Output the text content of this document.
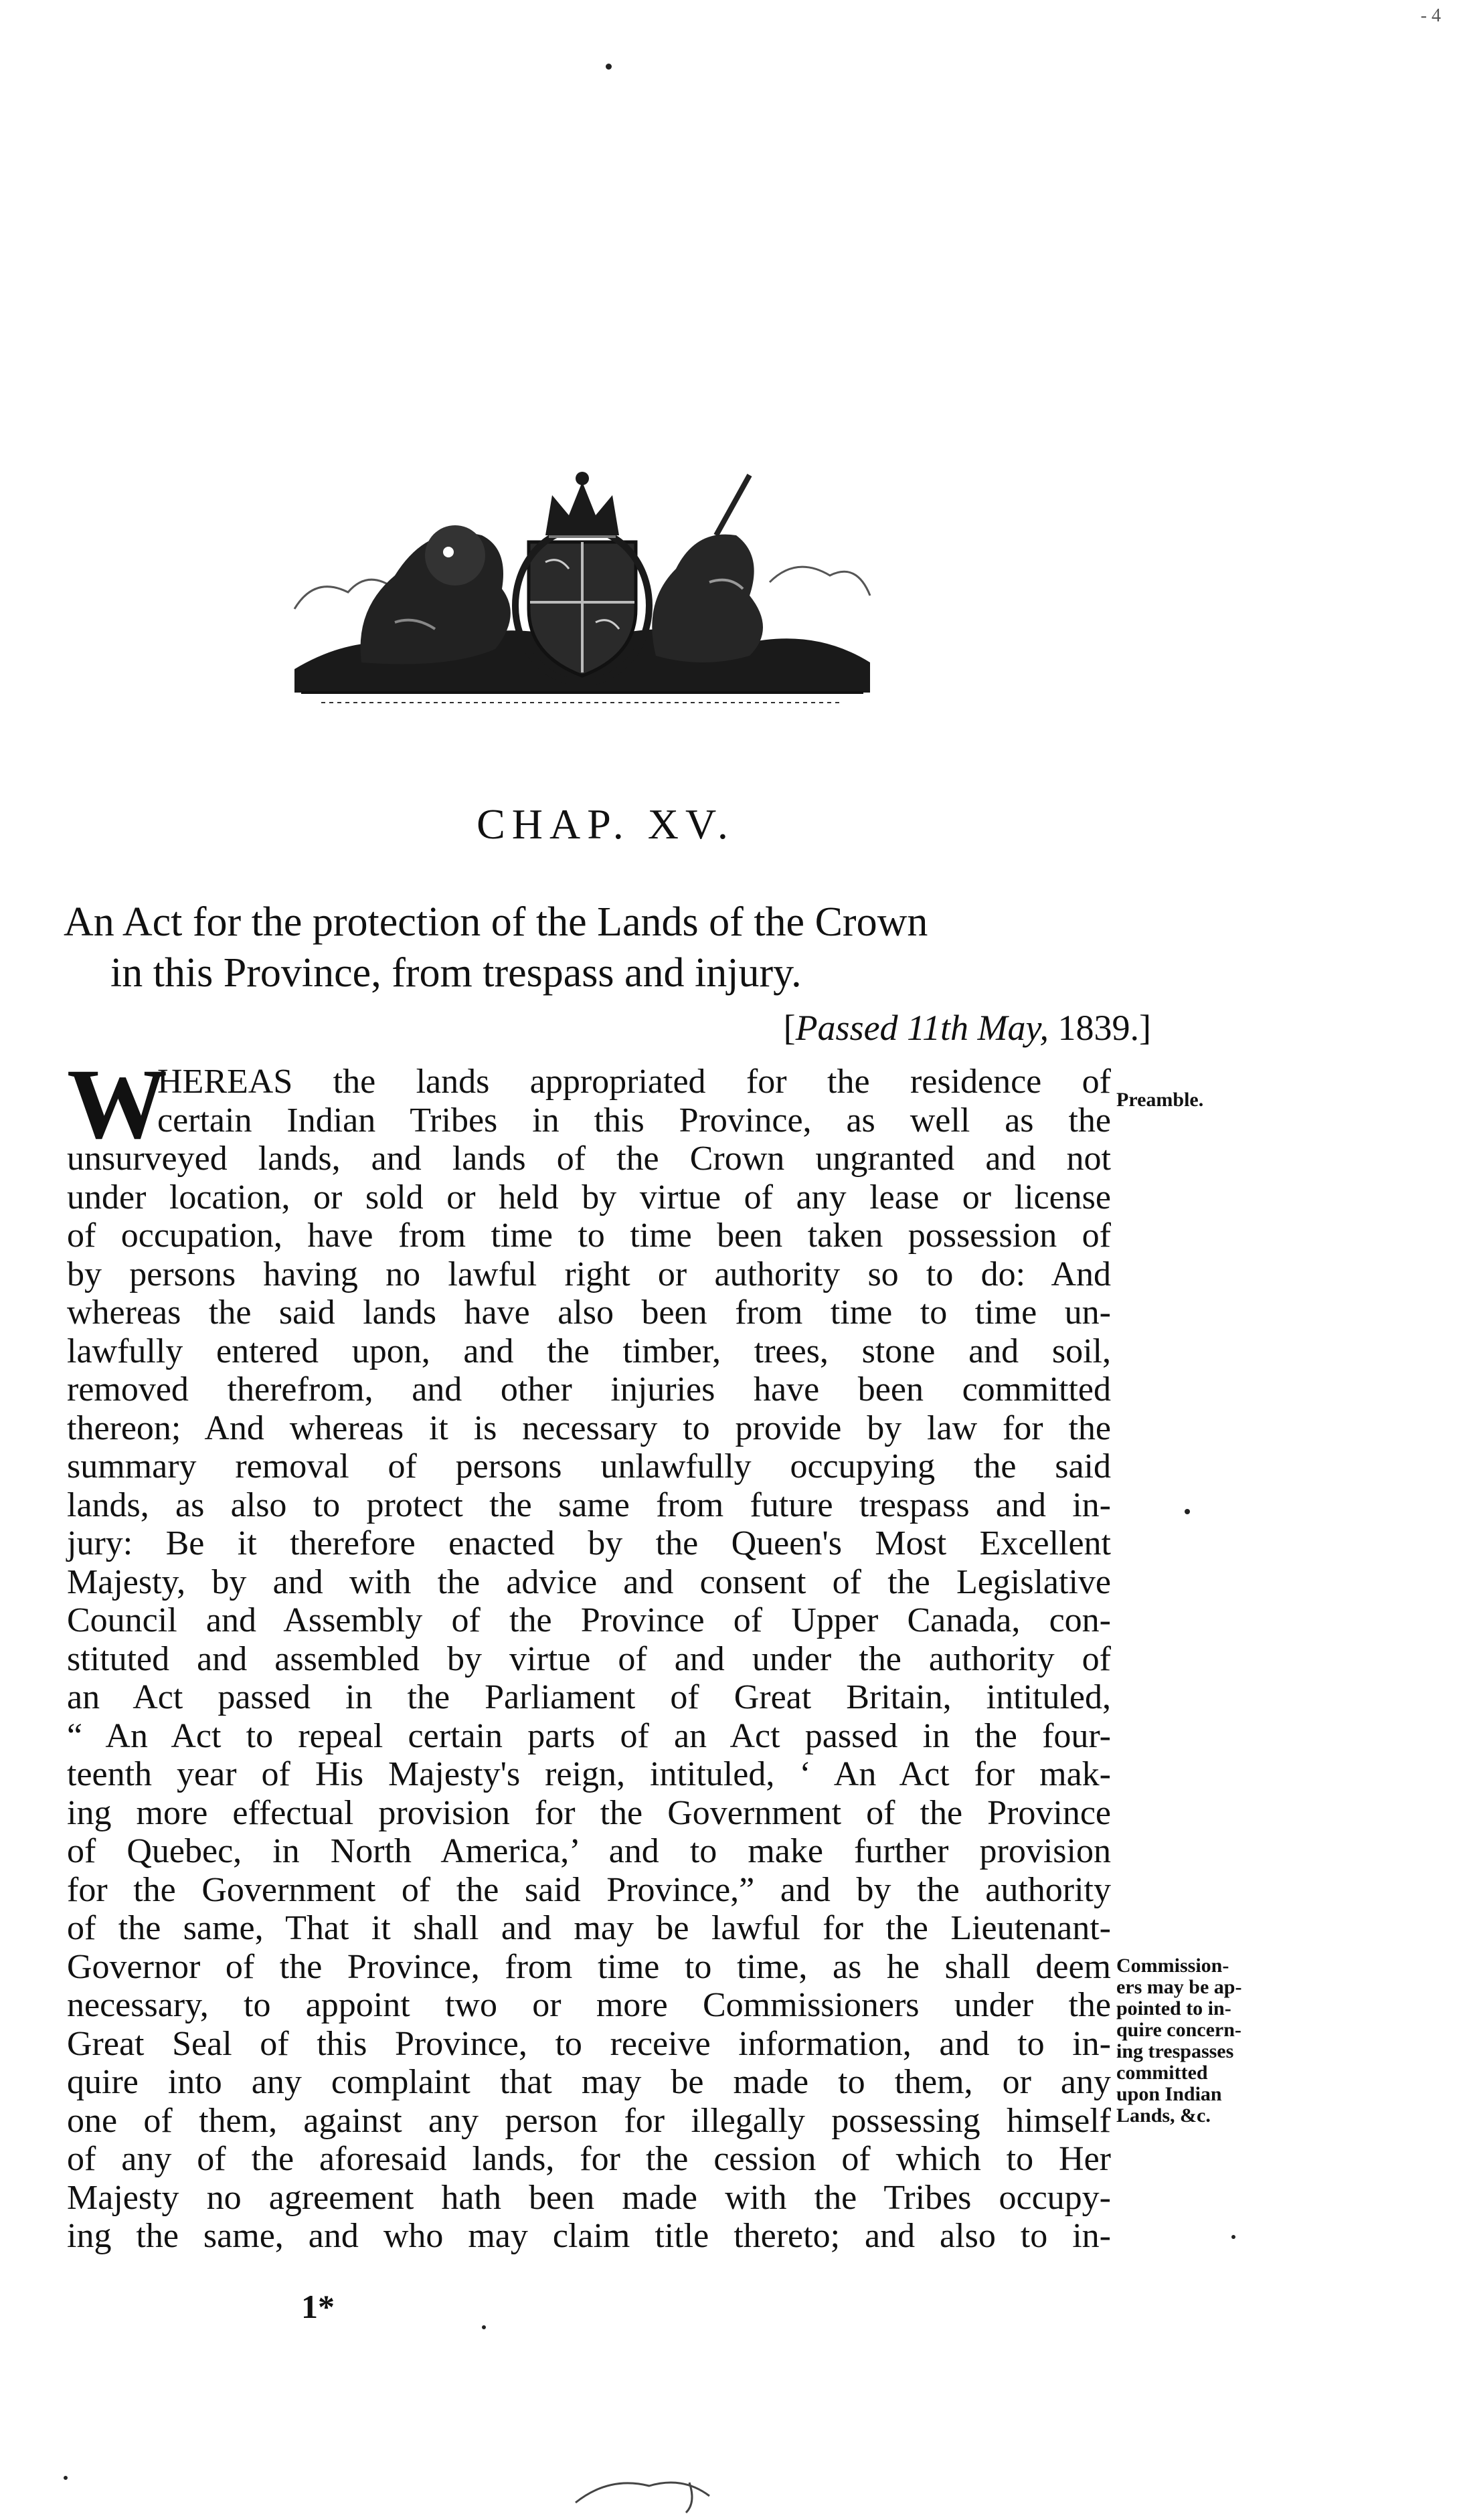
- 4
CHAP. XV.
An Act for the protection of the Lands of the Crown
in this Province, from trespass and injury.
[Passed 11th May, 1839.]
W
HEREAS the lands appropriated for the residence of
certain Indian Tribes in this Province, as well as the
unsurveyed lands, and lands of the Crown ungranted and not
under location, or sold or held by virtue of any lease or license
of occupation, have from time to time been taken possession of
by persons having no lawful right or authority so to do: And
whereas the said lands have also been from time to time un-
lawfully entered upon, and the timber, trees, stone and soil,
removed therefrom, and other injuries have been committed
thereon; And whereas it is necessary to provide by law for the
summary removal of persons unlawfully occupying the said
lands, as also to protect the same from future trespass and in-
jury: Be it therefore enacted by the Queen's Most Excellent
Majesty, by and with the advice and consent of the Legislative
Council and Assembly of the Province of Upper Canada, con-
stituted and assembled by virtue of and under the authority of
an Act passed in the Parliament of Great Britain, intituled,
“ An Act to repeal certain parts of an Act passed in the four-
teenth year of His Majesty's reign, intituled, ‘ An Act for mak-
ing more effectual provision for the Government of the Province
of Quebec, in North America,’ and to make further provision
for the Government of the said Province,” and by the authority
of the same, That it shall and may be lawful for the Lieutenant-
Governor of the Province, from time to time, as he shall deem
necessary, to appoint two or more Commissioners under the
Great Seal of this Province, to receive information, and to in-
quire into any complaint that may be made to them, or any
one of them, against any person for illegally possessing himself
of any of the aforesaid lands, for the cession of which to Her
Majesty no agreement hath been made with the Tribes occupy-
ing the same, and who may claim title thereto; and also to in-
Preamble.
Commission-
ers may be ap-
pointed to in-
quire concern-
ing trespasses
committed
upon Indian
Lands, &c.
1*
